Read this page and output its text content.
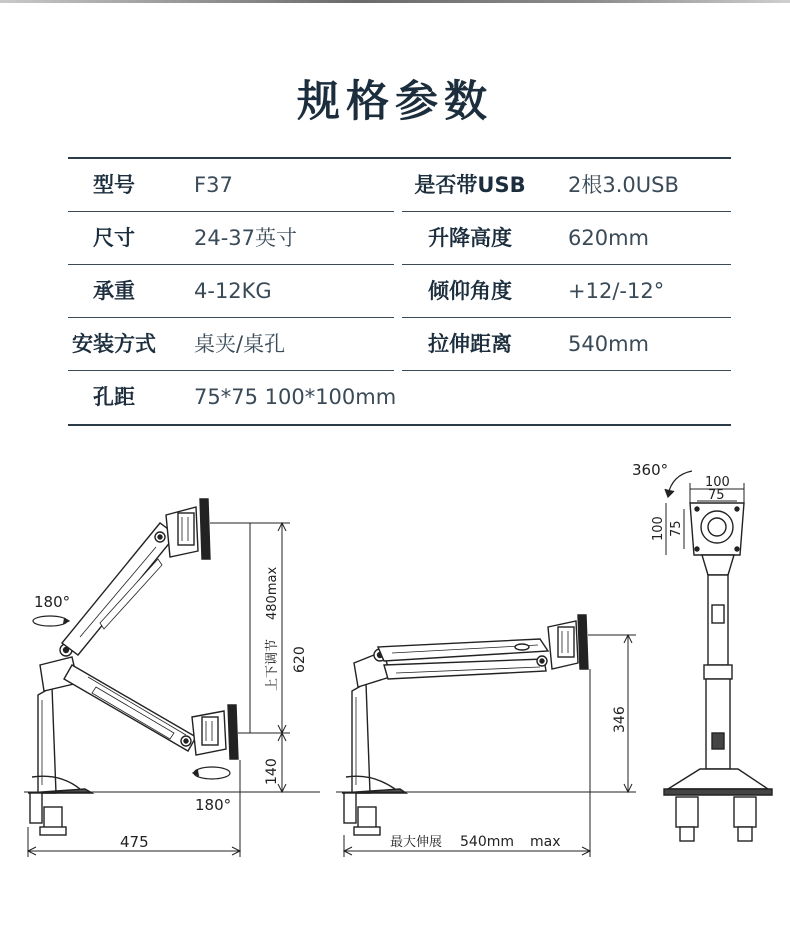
规格参数
型号	F37	是否带USB	2根3.0USB
尺寸	24-37英寸	升降高度	620mm
承重	4-12KG	倾仰角度	+12/-12°
安装方式 桌夹/桌孔	拉伸距离	540mm
孔距	75*75 100*100mm
180°
180°
上下调节
480max
620
140
475
346
最大伸展 540mm max
100
75
100 75
360°
